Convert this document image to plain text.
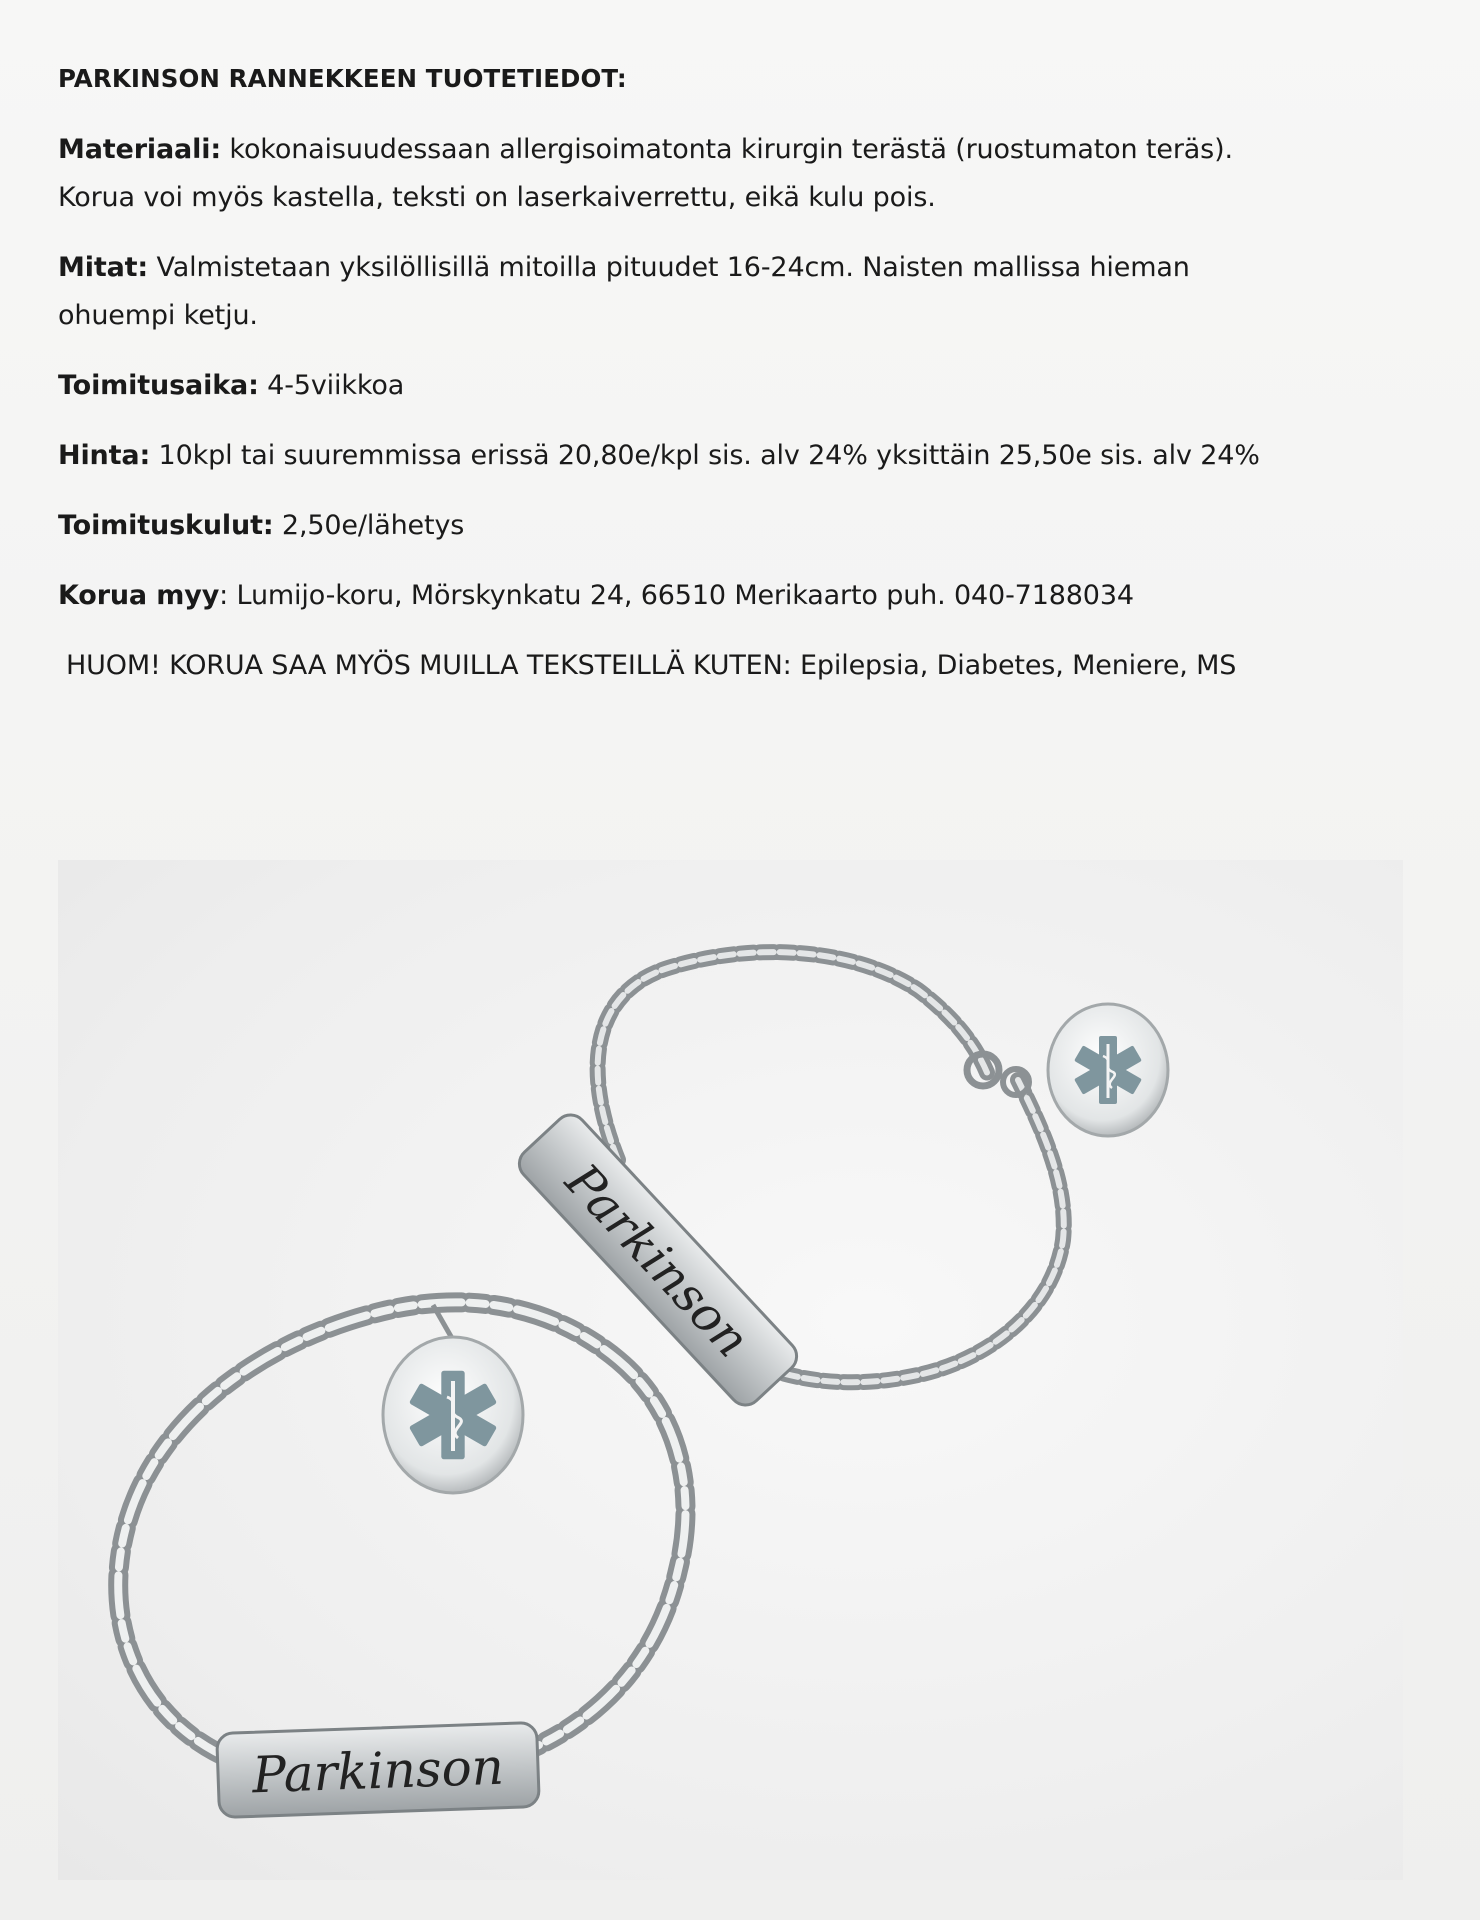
PARKINSON RANNEKKEEN TUOTETIEDOT:
Materiaali: kokonaisuudessaan allergisoimatonta kirurgin terästä (ruostumaton teräs).
Korua voi myös kastella, teksti on laserkaiverrettu, eikä kulu pois.
Mitat: Valmistetaan yksilöllisillä mitoilla pituudet 16-24cm. Naisten mallissa hieman
ohuempi ketju.
Toimitusaika: 4-5viikkoa
Hinta: 10kpl tai suuremmissa erissä 20,80e/kpl sis. alv 24% yksittäin 25,50e sis. alv 24%
Toimituskulut: 2,50e/lähetys
Korua myy: Lumijo-koru, Mörskynkatu 24, 66510 Merikaarto puh. 040-7188034
HUOM! KORUA SAA MYÖS MUILLA TEKSTEILLÄ KUTEN: Epilepsia, Diabetes, Meniere, MS
Parkinson
Parkinson
